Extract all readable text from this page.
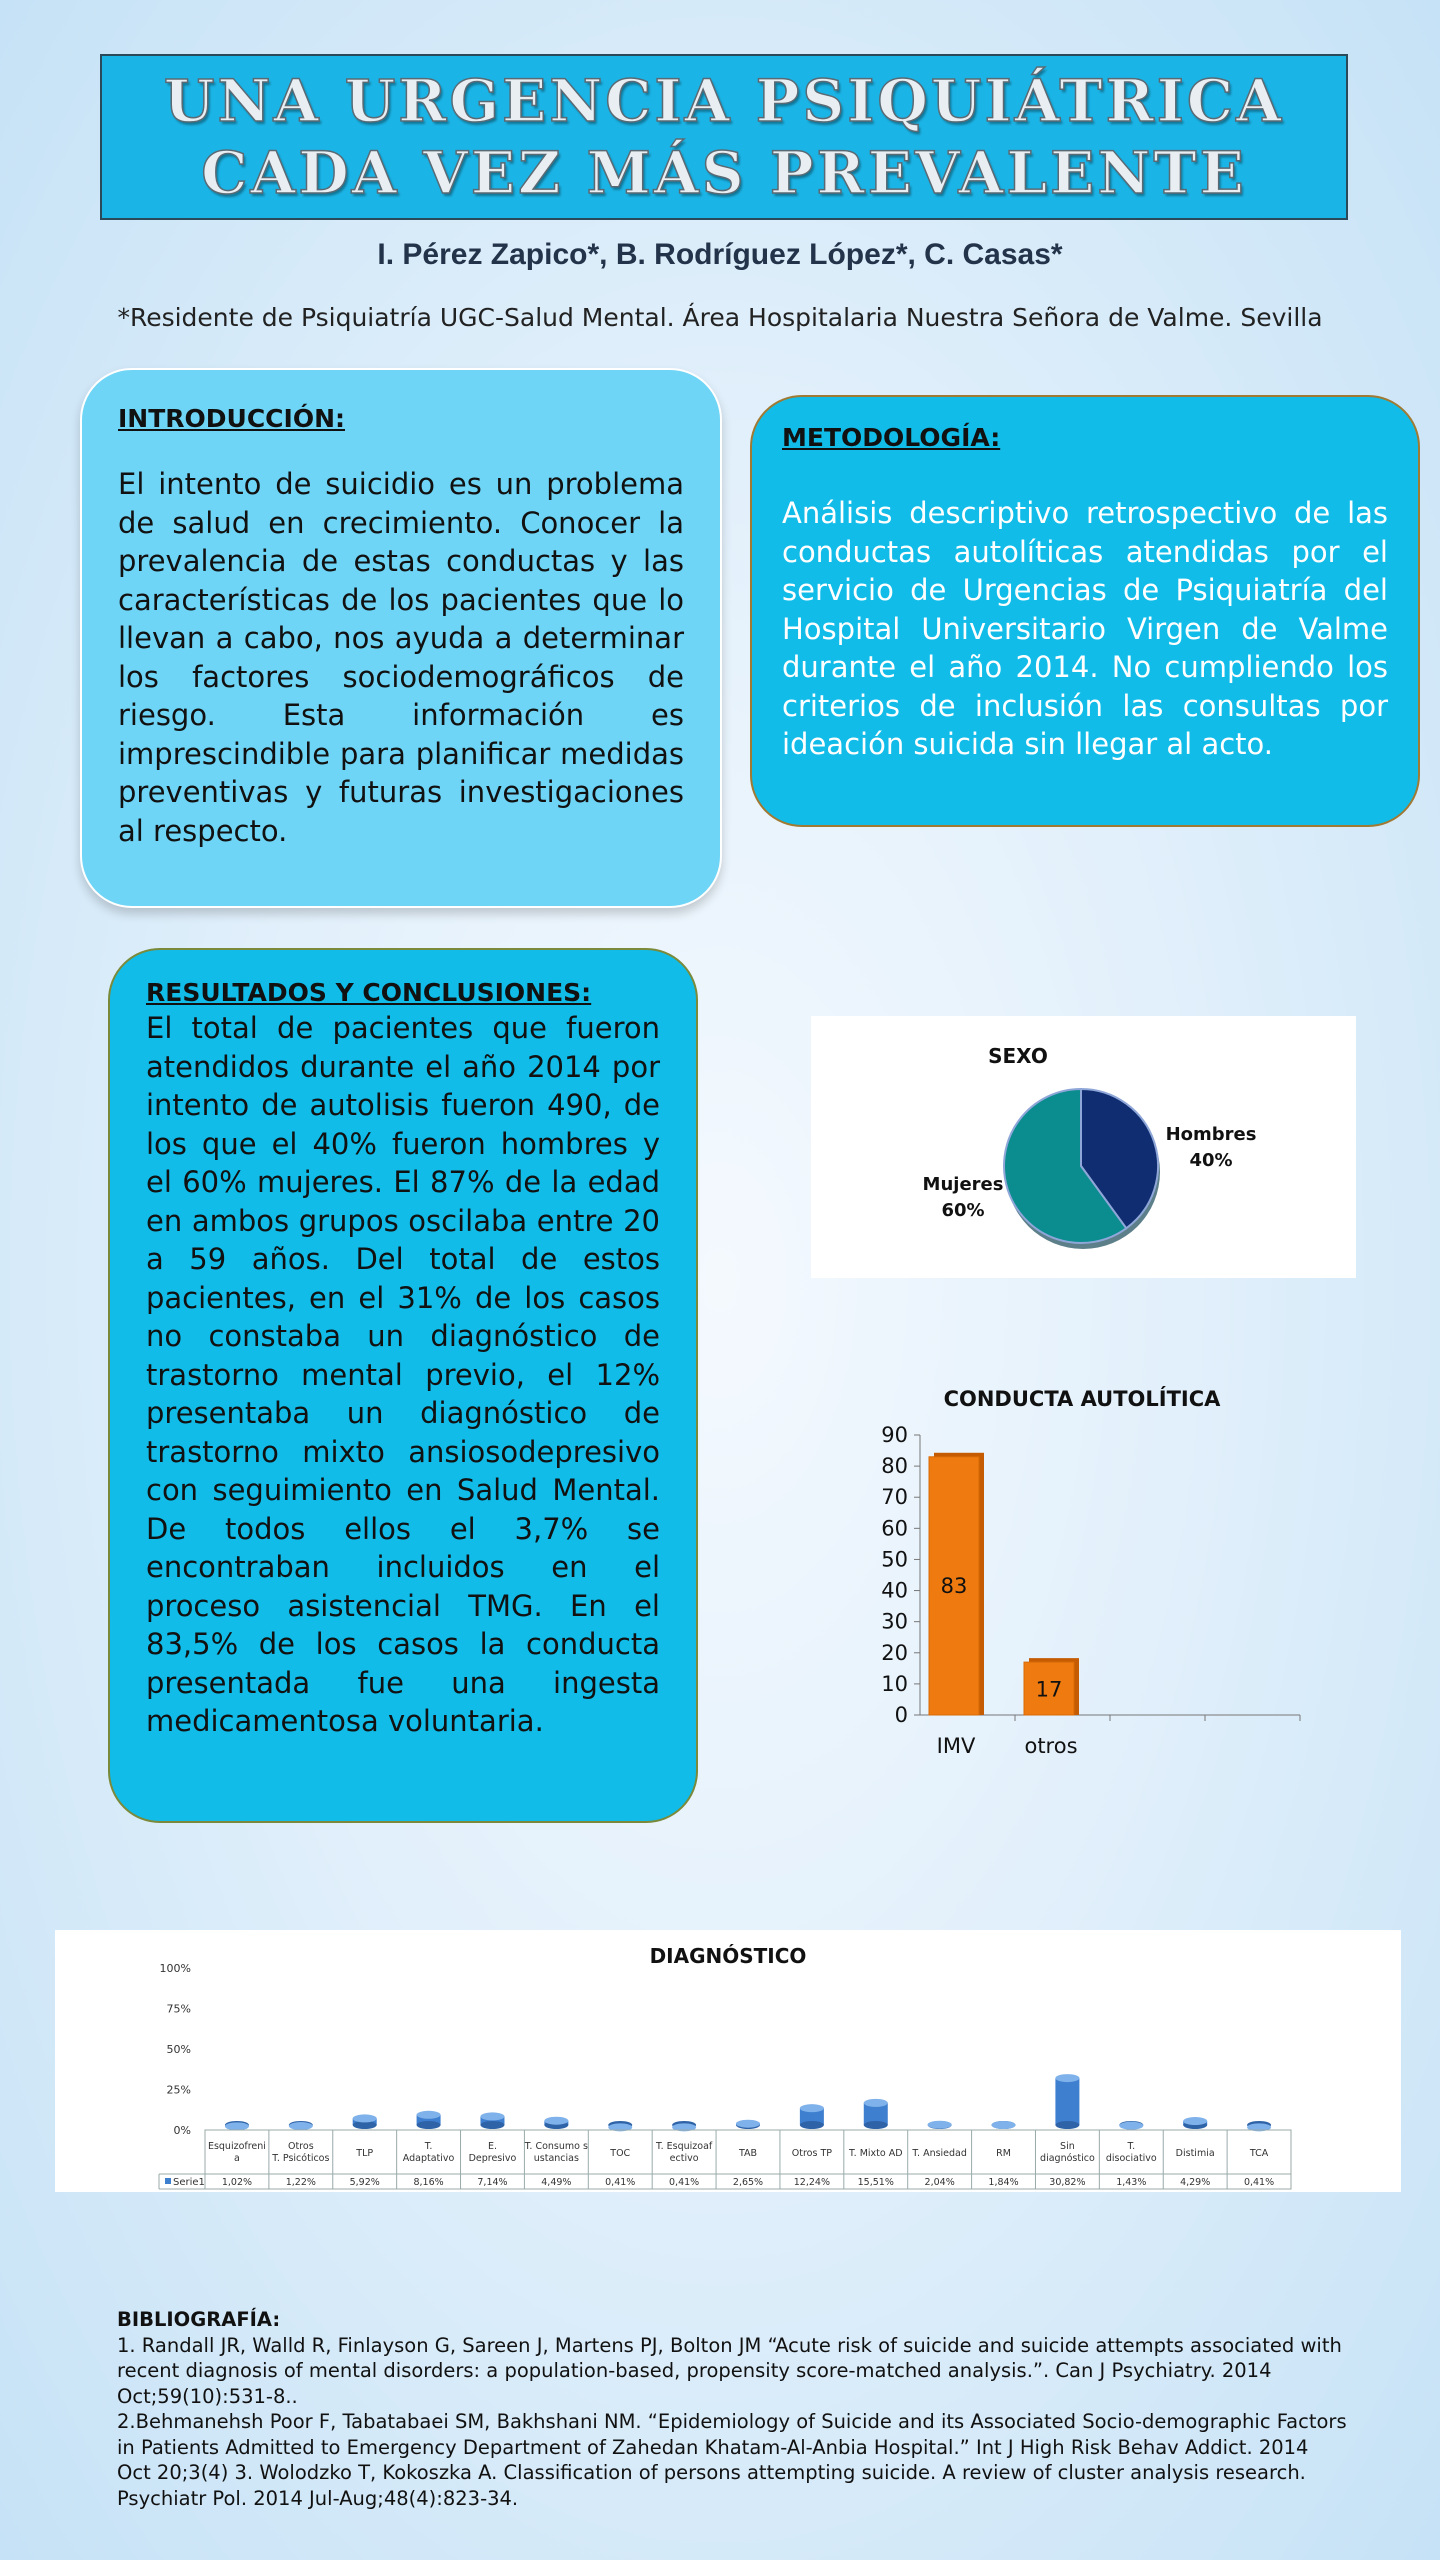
UNA URGENCIA PSIQUIÁTRICA
CADA VEZ MÁS PREVALENTE
I. Pérez Zapico*, B. Rodríguez López*, C. Casas*
*Residente de Psiquiatría UGC-Salud Mental. Área Hospitalaria Nuestra Señora de Valme. Sevilla
INTRODUCCIÓN:
El intento de suicidio es un problema de salud en crecimiento. Conocer la prevalencia de estas conductas y las características de los pacientes que lo llevan a cabo, nos ayuda a determinar los factores sociodemográficos de riesgo. Esta información es imprescindible para planificar medidas preventivas y futuras investigaciones al respecto.
METODOLOGÍA:
Análisis descriptivo retrospectivo de las conductas autolíticas atendidas por el servicio de Urgencias de Psiquiatría del Hospital Universitario Virgen de Valme durante el año 2014. No cumpliendo los criterios de inclusión las consultas por ideación suicida sin llegar al acto.
RESULTADOS Y CONCLUSIONES:
El total de pacientes que fueron atendidos durante el año 2014 por intento de autolisis fueron 490, de los que el 40% fueron hombres y el 60% mujeres. El 87% de la edad en ambos grupos oscilaba entre 20 a 59 años. Del total de estos pacientes, en el 31% de los casos no constaba un diagnóstico de trastorno mental previo, el 12% presentaba un diagnóstico de trastorno mixto ansiosodepresivo con seguimiento en Salud Mental. De todos ellos el 3,7% se encontraban incluidos en el proceso asistencial TMG. En el 83,5% de los casos la conducta presentada fue una ingesta medicamentosa voluntaria.
SEXO
Hombres
40%
Mujeres
60%
CONDUCTA AUTOLÍTICA
0
10
20
30
40
50
60
70
80
90
83
IMV
17
otros
DIAGNÓSTICO
0%
25%
50%
75%
100%
Serie1
Esquizofreni
a
1,02%
Otros
T. Psicóticos
1,22%
TLP
5,92%
T.
Adaptativo
8,16%
E.
Depresivo
7,14%
T. Consumo s
ustancias
4,49%
TOC
0,41%
T. Esquizoaf
ectivo
0,41%
TAB
2,65%
Otros TP
12,24%
T. Mixto AD
15,51%
T. Ansiedad
2,04%
RM
1,84%
Sin
diagnóstico
30,82%
T.
disociativo
1,43%
Distimia
4,29%
TCA
0,41%
BIBLIOGRAFÍA:
1. Randall JR, Walld R, Finlayson G, Sareen J, Martens PJ, Bolton JM “Acute risk of suicide and suicide attempts associated with recent diagnosis of mental disorders: a population-based, propensity score-matched analysis.”. Can J Psychiatry. 2014 Oct;59(10):531-8..
2.Behmanehsh Poor F, Tabatabaei SM, Bakhshani NM. “Epidemiology of Suicide and its Associated Socio-demographic Factors in Patients Admitted to Emergency Department of Zahedan Khatam-Al-Anbia Hospital.” Int J High Risk Behav Addict. 2014 Oct 20;3(4) 3. Wolodzko T, Kokoszka A. Classification of persons attempting suicide. A review of cluster analysis research. Psychiatr Pol. 2014 Jul-Aug;48(4):823-34.
